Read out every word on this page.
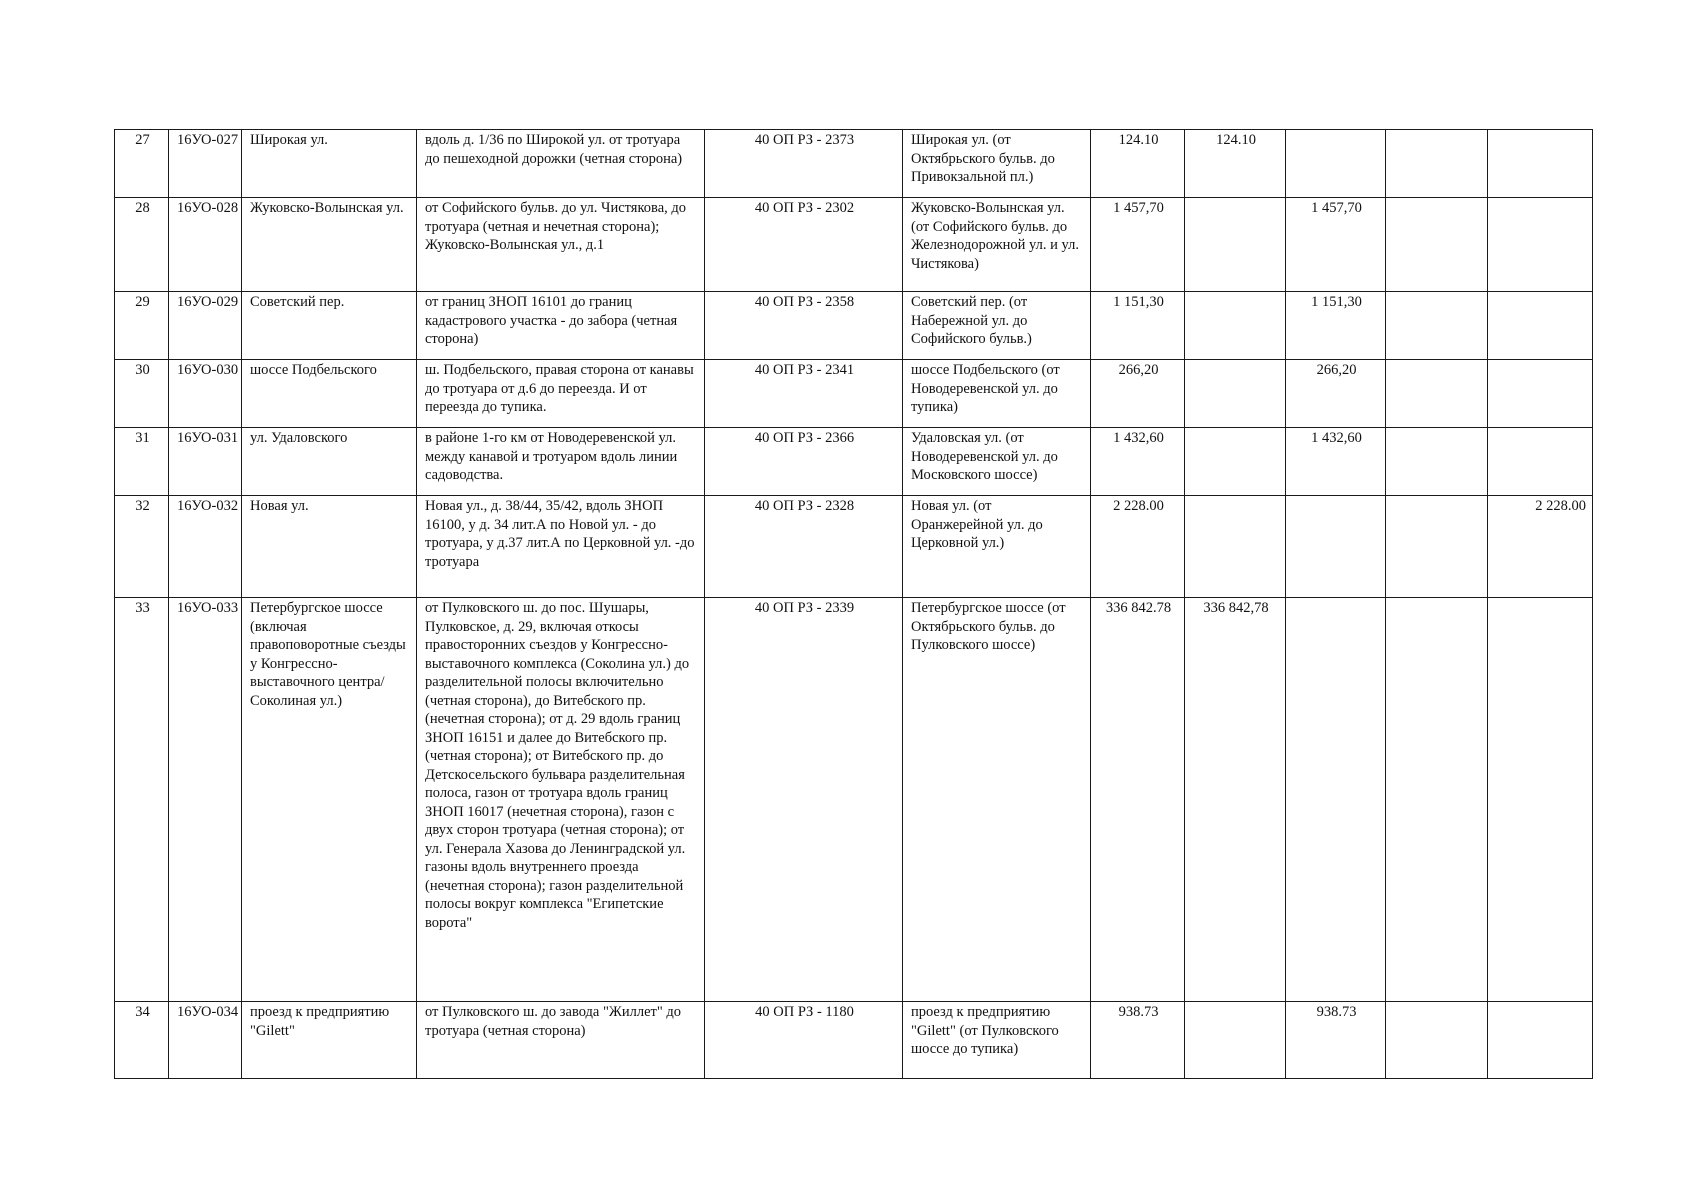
27	16УО-027	Широкая ул.	вдоль д. 1/36 по Широкой ул. от тротуара до пешеходной дорожки (четная сторона)	40 ОП РЗ - 2373	Широкая ул. (от Октябрьского бульв. до Привокзальной пл.)	124.10	124.10			
28	16УО-028	Жуковско-Волынская ул.	от Софийского бульв. до ул. Чистякова, до тротуара (четная и нечетная сторона); Жуковско-Волынская ул., д.1	40 ОП РЗ - 2302	Жуковско-Волынская ул. (от Софийского бульв. до Железнодорожной ул. и ул. Чистякова)	1 457,70		1 457,70		
29	16УО-029	Советский пер.	от границ ЗНОП 16101 до границ кадастрового участка - до забора (четная сторона)	40 ОП РЗ - 2358	Советский пер. (от Набережной ул. до Софийского бульв.)	1 151,30		1 151,30		
30	16УО-030	шоссе Подбельского	ш. Подбельского, правая сторона от канавы до тротуара от д.6 до переезда. И от переезда до тупика.	40 ОП РЗ - 2341	шоссе Подбельского (от Новодеревенской ул. до тупика)	266,20		266,20		
31	16УО-031	ул. Удаловского	в районе 1-го км от Новодеревенской ул. между канавой и тротуаром вдоль линии садоводства.	40 ОП РЗ - 2366	Удаловская ул. (от Новодеревенской ул. до Московского шоссе)	1 432,60		1 432,60		
32	16УО-032	Новая ул.	Новая ул., д. 38/44, 35/42, вдоль ЗНОП 16100, у д. 34 лит.А по Новой ул. - до тротуара, у д.37 лит.А по Церковной ул. -до тротуара	40 ОП РЗ - 2328	Новая ул. (от Оранжерейной ул. до Церковной ул.)	2 228.00				2 228.00
33	16УО-033	Петербургское шоссе (включая правоповоротные съезды у Конгрессно-выставочного центра/ Соколиная ул.)	от Пулковского ш. до пос. Шушары, Пулковское, д. 29, включая откосы правосторонних съездов у Конгрессно-выставочного комплекса (Соколина ул.) до разделительной полосы включительно (четная сторона), до Витебского пр. (нечетная сторона); от д. 29 вдоль границ ЗНОП 16151 и далее до Витебского пр. (четная сторона); от Витебского пр. до Детскосельского бульвара разделительная полоса, газон от тротуара вдоль границ ЗНОП 16017 (нечетная сторона), газон с двух сторон тротуара (четная сторона); от ул. Генерала Хазова до Ленинградской ул. газоны вдоль внутреннего проезда (нечетная сторона); газон разделительной полосы вокруг комплекса "Египетские ворота"	40 ОП РЗ - 2339	Петербургское шоссе (от Октябрьского бульв. до Пулковского шоссе)	336 842.78	336 842,78			
34	16УО-034	проезд к предприятию "Gilett"	от Пулковского ш. до завода "Жиллет" до тротуара (четная сторона)	40 ОП РЗ - 1180	проезд к предприятию "Gilett" (от Пулковского шоссе до тупика)	938.73		938.73		
